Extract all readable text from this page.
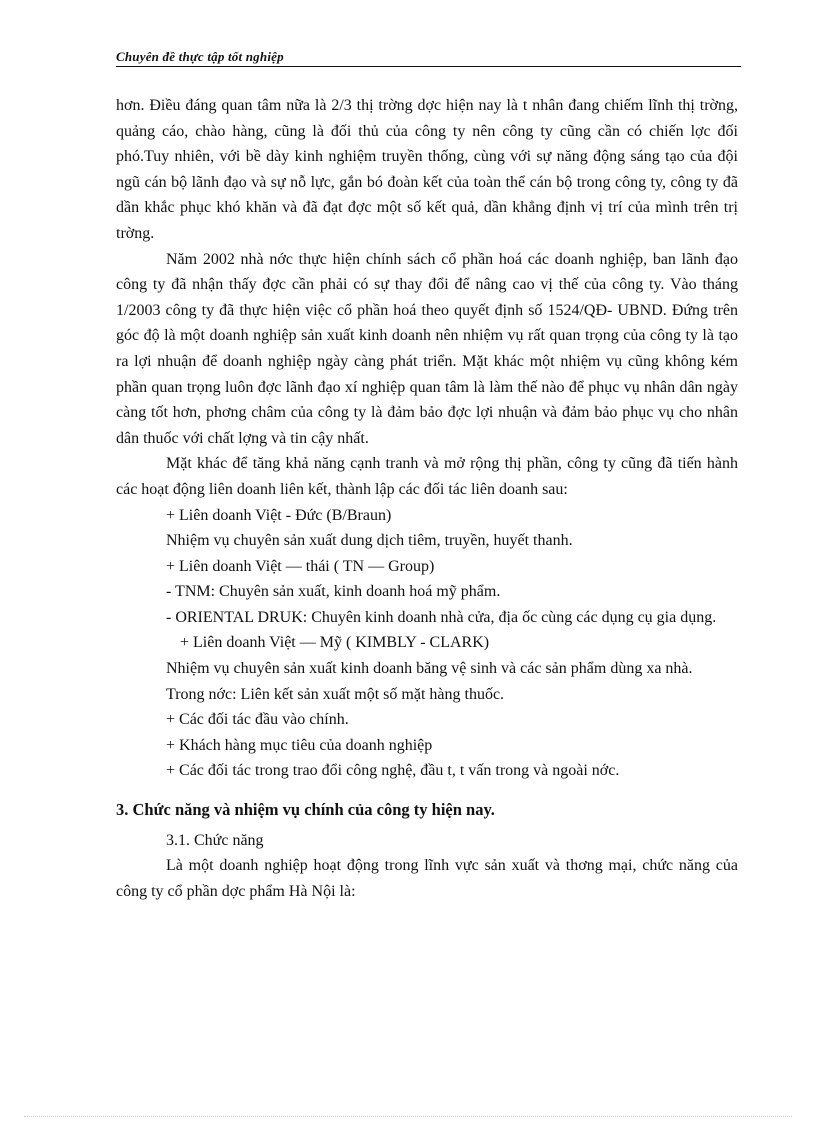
Chuyên đề thực tập tốt nghiệp

hơn. Điều đáng quan tâm nữa là 2/3 thị trờng dợc hiện nay là t nhân đang chiếm lĩnh thị trờng, quảng cáo, chào hàng, cũng là đối thủ của công ty nên công ty cũng cần có chiến lợc đối phó.Tuy nhiên, với bề dày kinh nghiệm truyền thống, cùng với sự năng động sáng tạo của đội ngũ cán bộ lãnh đạo và sự nỗ lực, gắn bó đoàn kết của toàn thể cán bộ trong công ty, công ty đã dần khắc phục khó khăn và đã đạt đợc một số kết quả, dần khẳng định vị trí của mình trên trị trờng.

Năm 2002 nhà nớc thực hiện chính sách cổ phần hoá các doanh nghiệp, ban lãnh đạo công ty đã nhận thấy đợc cần phải có sự thay đổi để nâng cao vị thế của công ty. Vào tháng 1/2003 công ty đã thực hiện việc cổ phần hoá theo quyết định số 1524/QĐ- UBND. Đứng trên góc độ là một doanh nghiệp sản xuất kinh doanh nên nhiệm vụ rất quan trọng của công ty là tạo ra lợi nhuận để doanh nghiệp ngày càng phát triển. Mặt khác một nhiệm vụ cũng không kém phần quan trọng luôn đợc lãnh đạo xí nghiệp quan tâm là làm thế nào để phục vụ nhân dân ngày càng tốt hơn, phơng châm của công ty là đảm bảo đợc lợi nhuận và đảm bảo phục vụ cho nhân dân thuốc với chất lợng và tin cậy nhất.

Mặt khác để tăng khả năng cạnh tranh và mở rộng thị phần, công ty cũng đã tiến hành các hoạt động liên doanh liên kết, thành lập các đối tác liên doanh sau:

+ Liên doanh Việt - Đức (B/Braun)

Nhiệm vụ chuyên sản xuất dung dịch tiêm, truyền, huyết thanh.

+ Liên doanh Việt — thái ( TN — Group)

- TNM: Chuyên sản xuất, kinh doanh hoá mỹ phẩm.

- ORIENTAL DRUK: Chuyên kinh doanh nhà cửa, địa ốc cùng các dụng cụ gia dụng.

+ Liên doanh Việt — Mỹ ( KIMBLY - CLARK)

Nhiệm vụ chuyên sản xuất kinh doanh băng vệ sinh và các sản phẩm dùng xa nhà.

Trong nớc: Liên kết sản xuất một số mặt hàng thuốc.

+ Các đối tác đầu vào chính.

+ Khách hàng mục tiêu của doanh nghiệp

+ Các đối tác trong trao đổi công nghệ, đầu t, t vấn trong và ngoài nớc.

3. Chức năng và nhiệm vụ chính của công ty hiện nay.

3.1. Chức năng

Là một doanh nghiệp hoạt động trong lĩnh vực sản xuất và thơng mại, chức năng của công ty cổ phần dợc phẩm Hà Nội là:
